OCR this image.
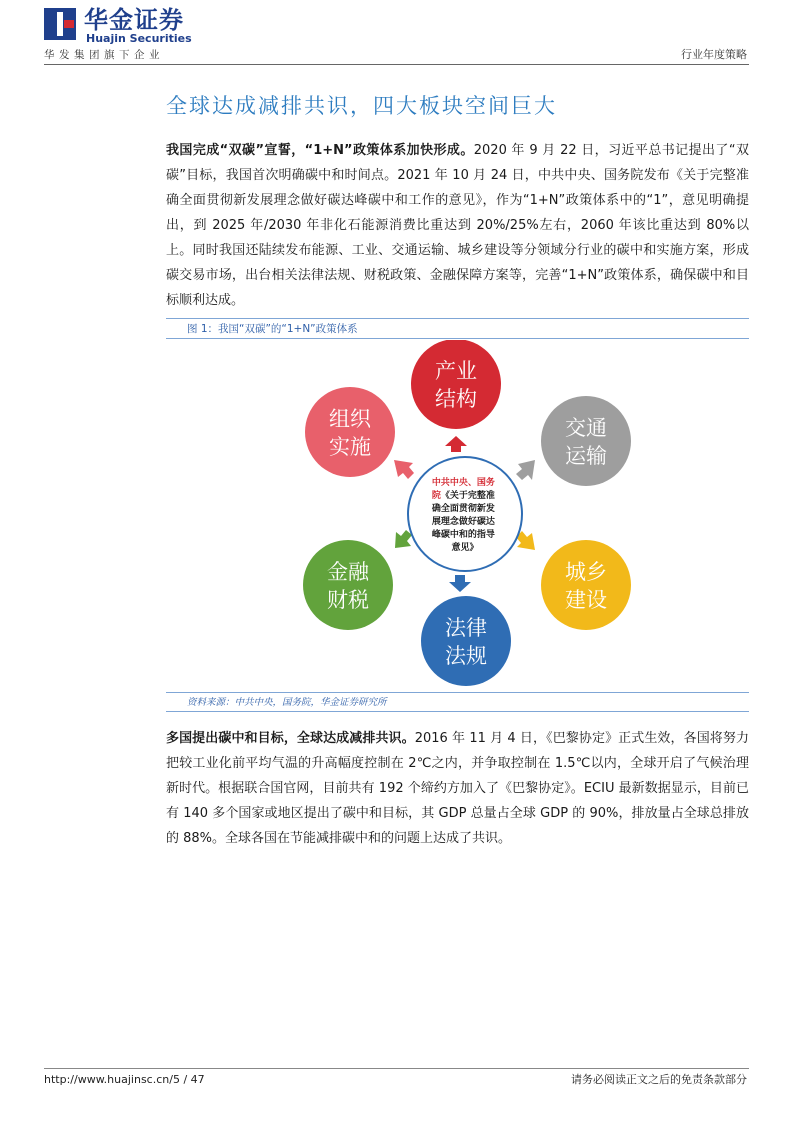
华金证券
Huajin Securities
华发集团旗下企业	行业年度策略
全球达成减排共识，四大板块空间巨大

我国完成“双碳”宣誓，“1+N”政策体系加快形成。2020 年 9 月 22 日，习近平总书记提出了“双碳”目标，我国首次明确碳中和时间点。2021 年 10 月 24 日，中共中央、国务院发布《关于完整准确全面贯彻新发展理念做好碳达峰碳中和工作的意见》，作为“1+N”政策体系中的“1”，意见明确提出，到 2025 年/2030 年非化石能源消费比重达到 20%/25%左右，2060 年该比重达到 80%以上。同时我国还陆续发布能源、工业、交通运输、城乡建设等分领域分行业的碳中和实施方案，形成碳交易市场，出台相关法律法规、财税政策、金融保障方案等，完善“1+N”政策体系，确保碳中和目标顺利达成。

图 1：我国“双碳”的“1+N”政策体系
产业
结构
交通
运输
城乡
建设
法律
法规
金融
财税
组织
实施
中共中央、国务 院《关于完整准 确全面贯彻新发 展理念做好碳达 峰碳中和的指导 意见》
资料来源：中共中央，国务院，华金证券研究所

多国提出碳中和目标，全球达成减排共识。2016 年 11 月 4 日，《巴黎协定》正式生效，各国将努力把较工业化前平均气温的升高幅度控制在 2℃之内，并争取控制在 1.5℃以内，全球开启了气候治理新时代。根据联合国官网，目前共有 192 个缔约方加入了《巴黎协定》。ECIU 最新数据显示，目前已有 140 多个国家或地区提出了碳中和目标，其 GDP 总量占全球 GDP 的 90%，排放量占全球总排放的 88%。全球各国在节能减排碳中和的问题上达成了共识。

http://www.huajinsc.cn/5 / 47	请务必阅读正文之后的免责条款部分
